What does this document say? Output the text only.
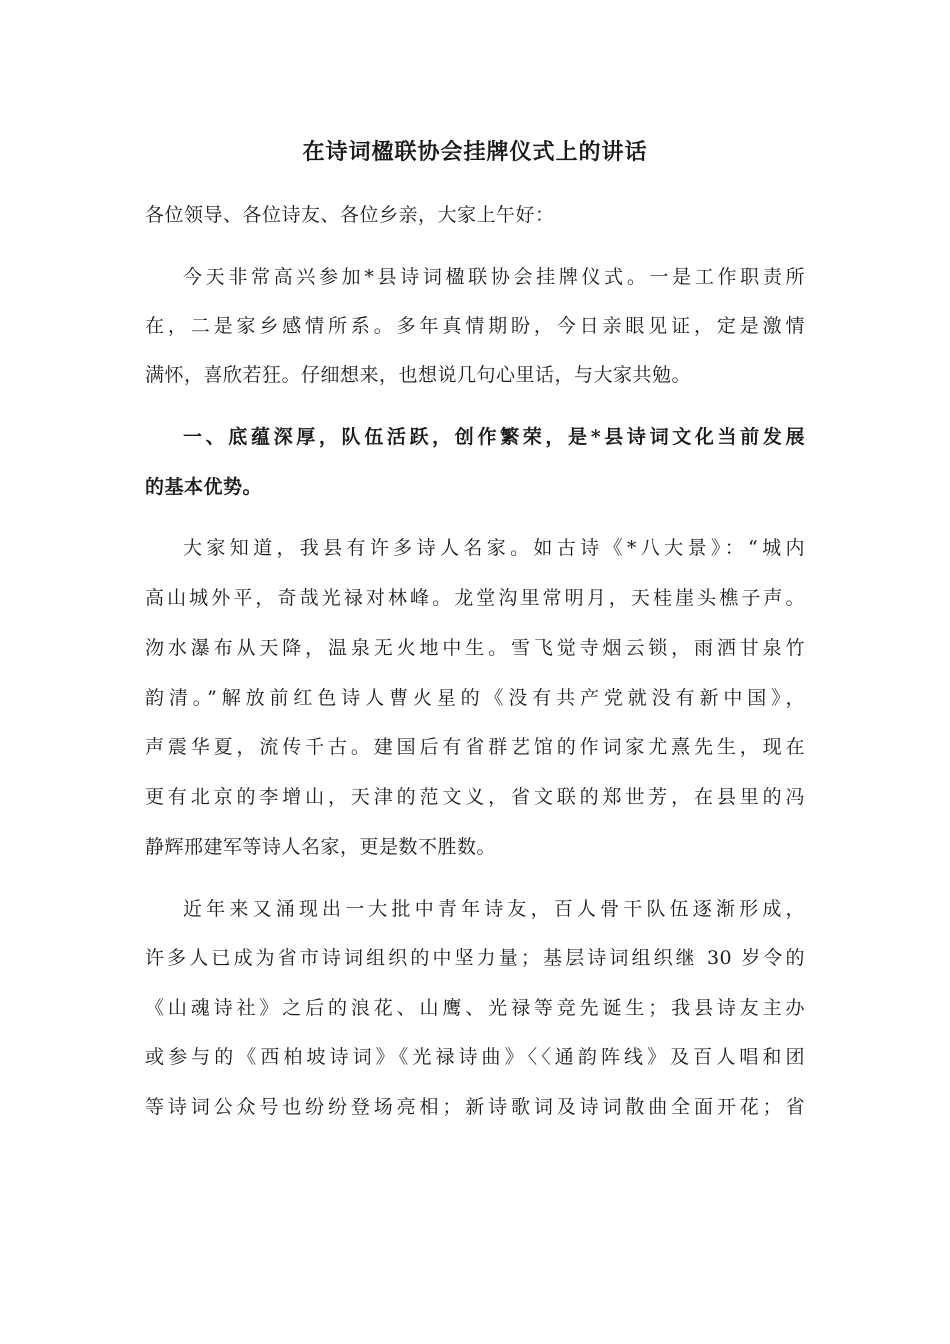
在诗词楹联协会挂牌仪式上的讲话
各位领导、各位诗友、各位乡亲，大家上午好：
今天非常高兴参加*县诗词楹联协会挂牌仪式。一是工作职责所
在，二是家乡感情所系。多年真情期盼，今日亲眼见证，定是激情
满怀，喜欣若狂。仔细想来，也想说几句心里话，与大家共勉。
一、底蕴深厚，队伍活跃，创作繁荣，是*县诗词文化当前发展
的基本优势。
大家知道，我县有许多诗人名家。如古诗《*八大景》：“城内
高山城外平，奇哉光禄对林峰。龙堂沟里常明月，天桂崖头樵子声。
沕水瀑布从天降，温泉无火地中生。雪飞觉寺烟云锁，雨洒甘泉竹
韵清。”解放前红色诗人曹火星的《没有共产党就没有新中国》，
声震华夏，流传千古。建国后有省群艺馆的作词家尤熹先生，现在
更有北京的李增山，天津的范文义，省文联的郑世芳，在县里的冯
静辉邢建军等诗人名家，更是数不胜数。
近年来又涌现出一大批中青年诗友，百人骨干队伍逐渐形成，
许多人已成为省市诗词组织的中坚力量；基层诗词组织继 30 岁令的
《山魂诗社》之后的浪花、山鹰、光禄等竞先诞生；我县诗友主办
或参与的《西柏坡诗词》《光禄诗曲》〈〈通韵阵线》及百人唱和团
等诗词公众号也纷纷登场亮相；新诗歌词及诗词散曲全面开花；省
